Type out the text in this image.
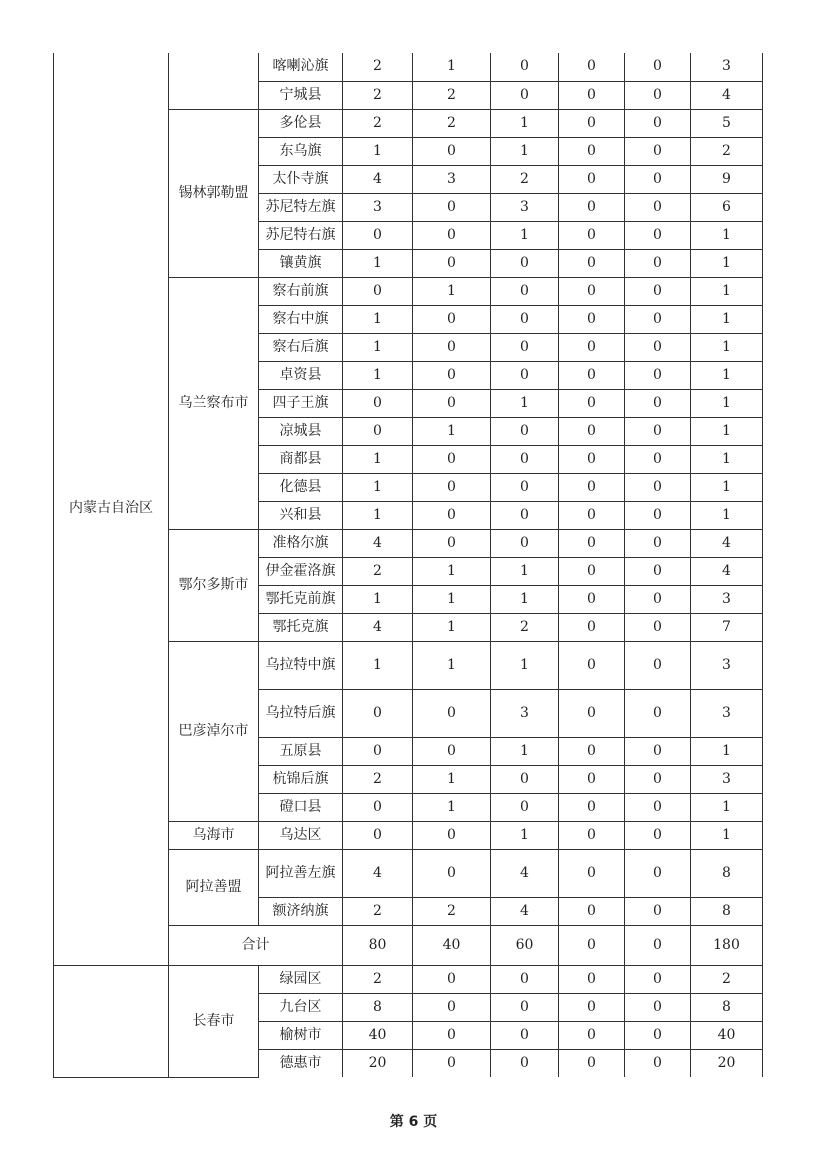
内蒙古自治区		喀喇沁旗	2	1	0	0	0	3
		宁城县	2	2	0	0	0	4
	锡林郭勒盟	多伦县	2	2	1	0	0	5
		东乌旗	1	0	1	0	0	2
		太仆寺旗	4	3	2	0	0	9
		苏尼特左旗	3	0	3	0	0	6
		苏尼特右旗	0	0	1	0	0	1
		镶黄旗	1	0	0	0	0	1
	乌兰察布市	察右前旗	0	1	0	0	0	1
		察右中旗	1	0	0	0	0	1
		察右后旗	1	0	0	0	0	1
		卓资县	1	0	0	0	0	1
		四子王旗	0	0	1	0	0	1
		凉城县	0	1	0	0	0	1
		商都县	1	0	0	0	0	1
		化德县	1	0	0	0	0	1
		兴和县	1	0	0	0	0	1
	鄂尔多斯市	准格尔旗	4	0	0	0	0	4
		伊金霍洛旗	2	1	1	0	0	4
		鄂托克前旗	1	1	1	0	0	3
		鄂托克旗	4	1	2	0	0	7
	巴彦淖尔市	乌拉特中旗	1	1	1	0	0	3
		乌拉特后旗	0	0	3	0	0	3
		五原县	0	0	1	0	0	1
		杭锦后旗	2	1	0	0	0	3
		磴口县	0	1	0	0	0	1
	乌海市	乌达区	0	0	1	0	0	1
	阿拉善盟	阿拉善左旗	4	0	4	0	0	8
		额济纳旗	2	2	4	0	0	8
	合计		80	40	60	0	0	180
	长春市	绿园区	2	0	0	0	0	2
		九台区	8	0	0	0	0	8
		榆树市	40	0	0	0	0	40
		德惠市	20	0	0	0	0	20
第 6 页
